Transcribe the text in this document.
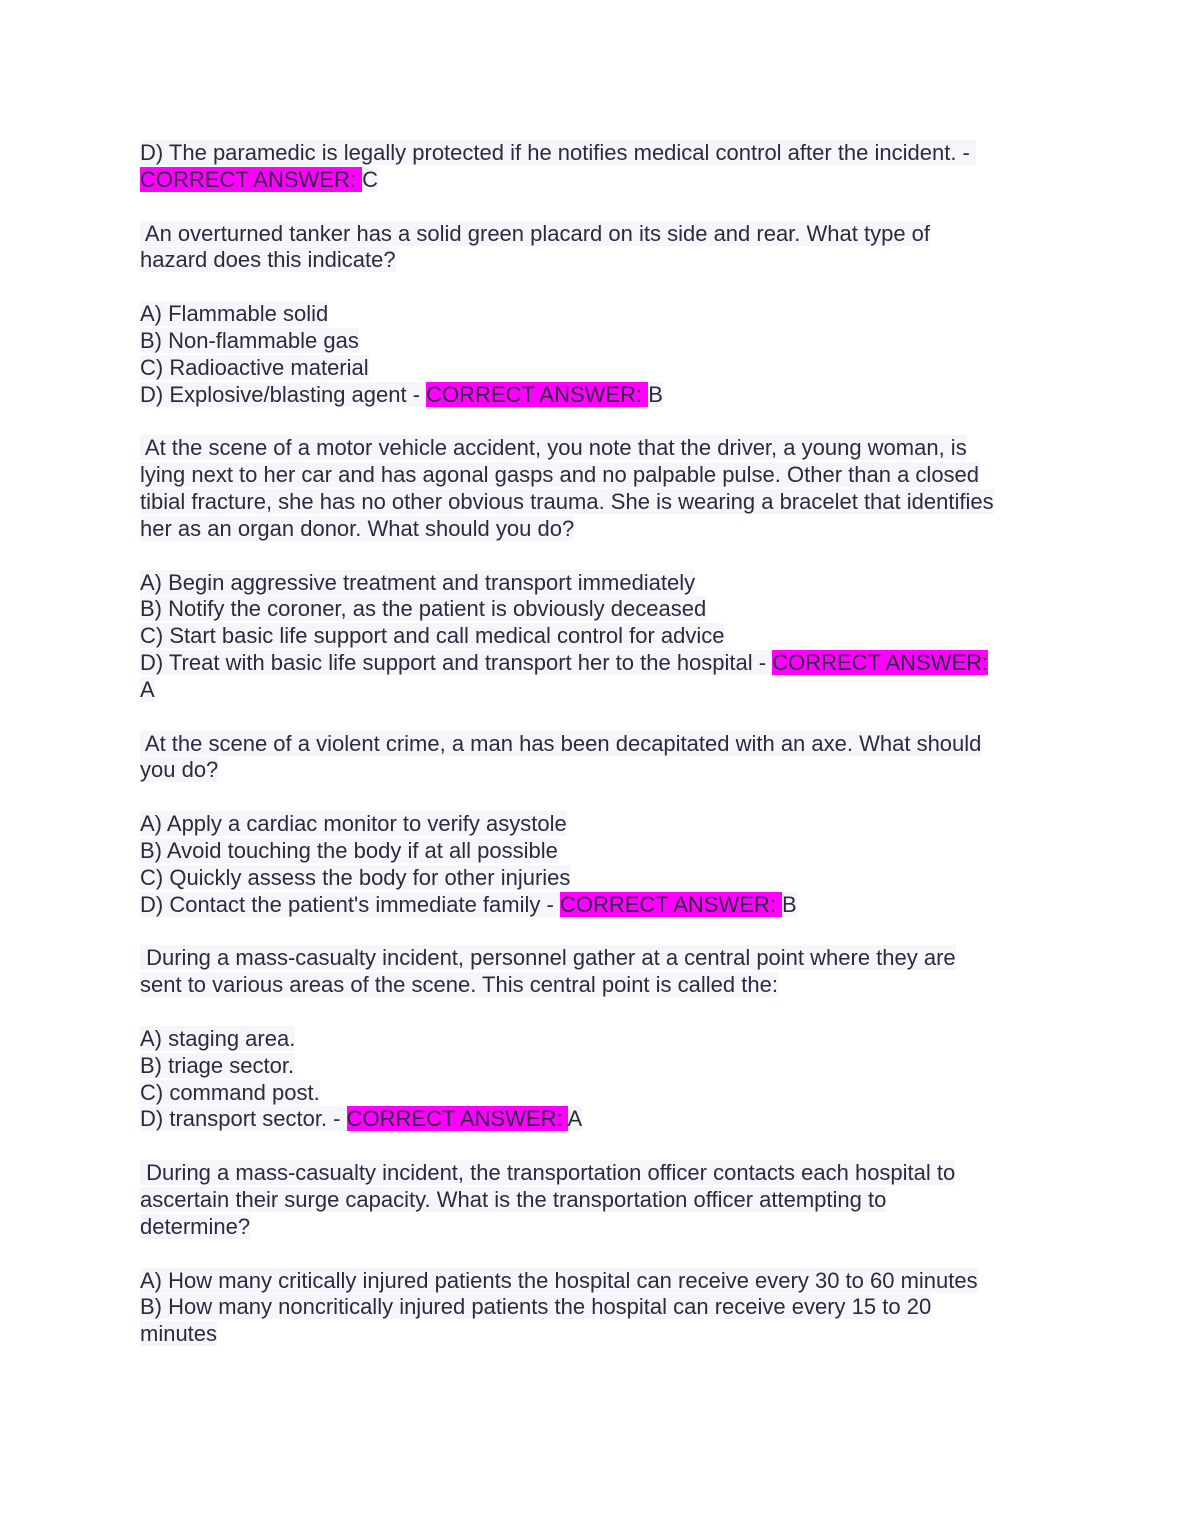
D) The paramedic is legally protected if he notifies medical control after the incident. -
CORRECT ANSWER: C
An overturned tanker has a solid green placard on its side and rear. What type of
hazard does this indicate?
A) Flammable solid
B) Non-flammable gas
C) Radioactive material
D) Explosive/blasting agent - CORRECT ANSWER: B
At the scene of a motor vehicle accident, you note that the driver, a young woman, is
lying next to her car and has agonal gasps and no palpable pulse. Other than a closed
tibial fracture, she has no other obvious trauma. She is wearing a bracelet that identifies
her as an organ donor. What should you do?
A) Begin aggressive treatment and transport immediately
B) Notify the coroner, as the patient is obviously deceased
C) Start basic life support and call medical control for advice
D) Treat with basic life support and transport her to the hospital - CORRECT ANSWER:
A
At the scene of a violent crime, a man has been decapitated with an axe. What should
you do?
A) Apply a cardiac monitor to verify asystole
B) Avoid touching the body if at all possible
C) Quickly assess the body for other injuries
D) Contact the patient's immediate family - CORRECT ANSWER: B
During a mass-casualty incident, personnel gather at a central point where they are
sent to various areas of the scene. This central point is called the:
A) staging area.
B) triage sector.
C) command post.
D) transport sector. - CORRECT ANSWER: A
During a mass-casualty incident, the transportation officer contacts each hospital to
ascertain their surge capacity. What is the transportation officer attempting to
determine?
A) How many critically injured patients the hospital can receive every 30 to 60 minutes
B) How many noncritically injured patients the hospital can receive every 15 to 20
minutes
